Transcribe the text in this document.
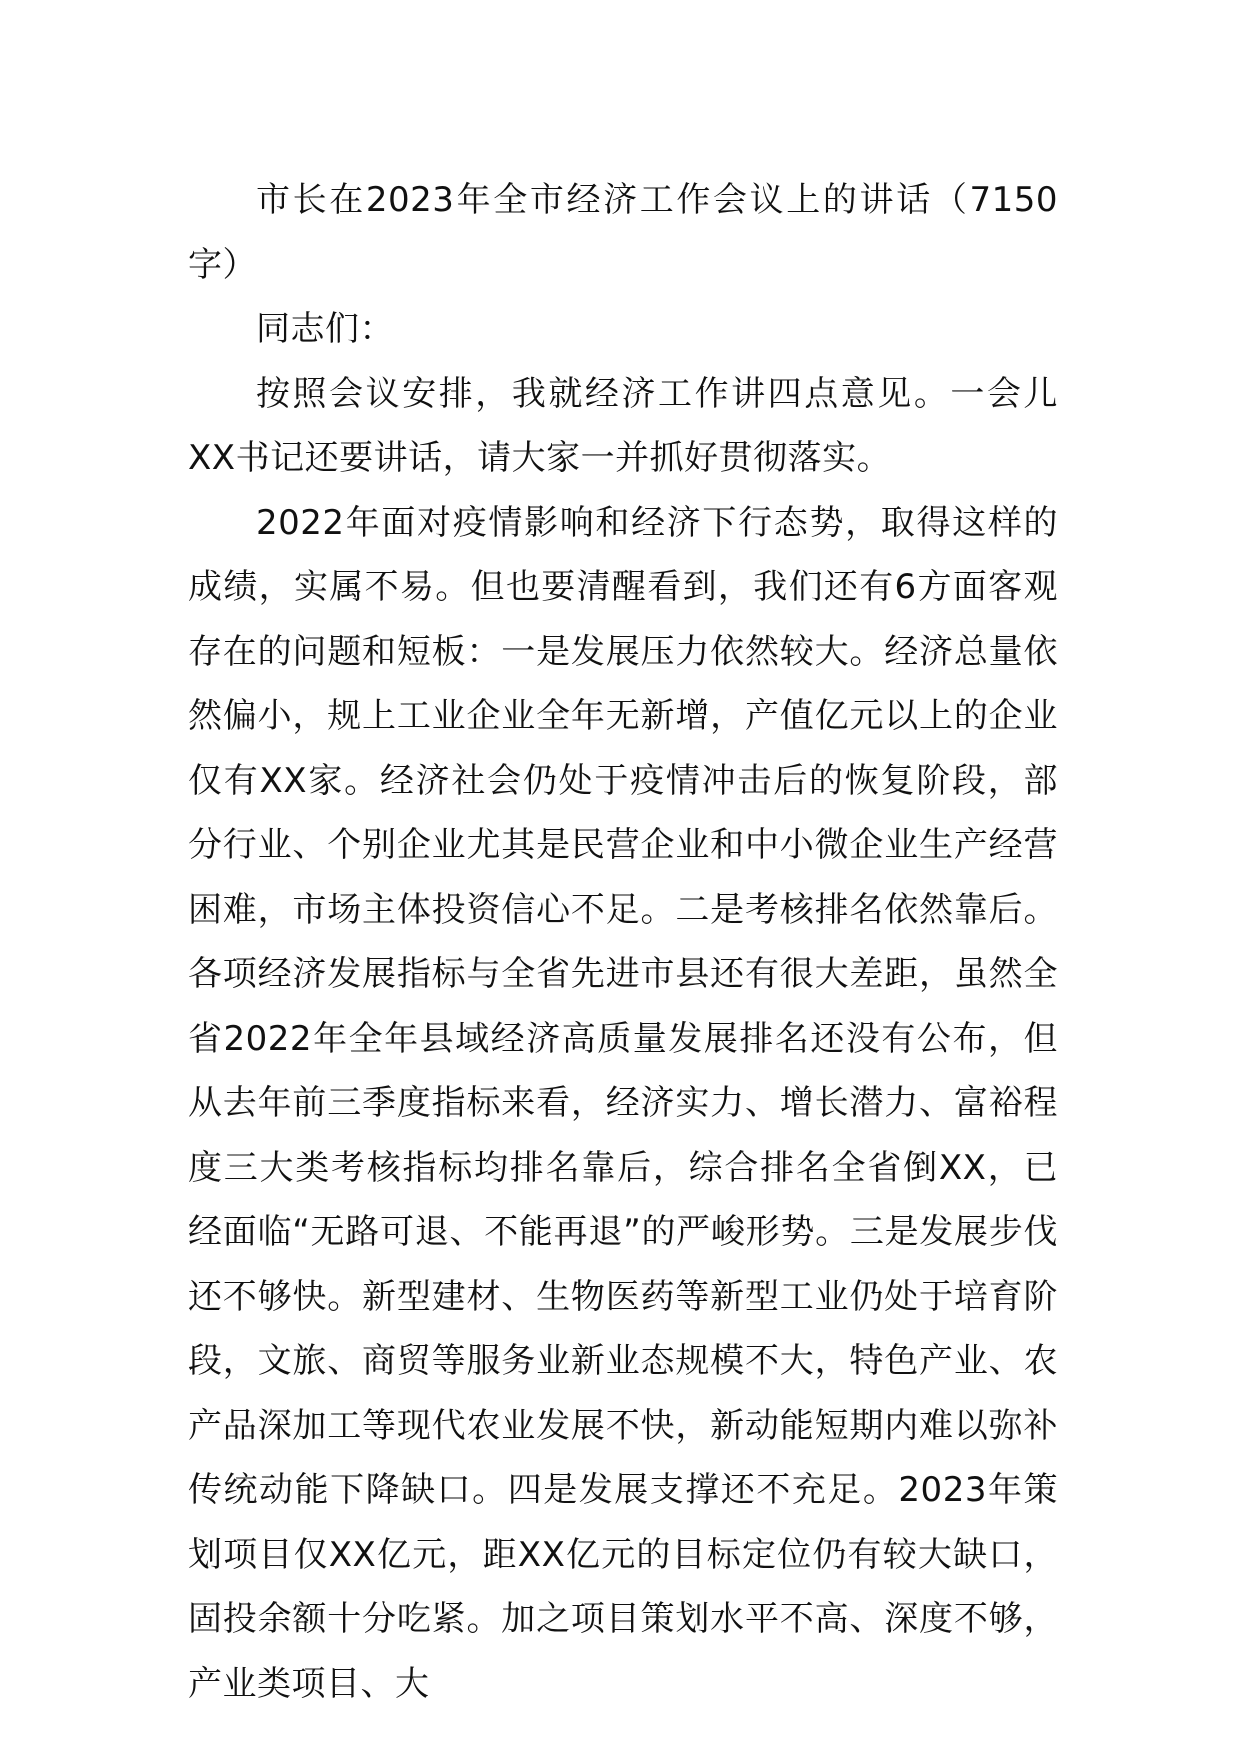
市长在2023年全市经济工作会议上的讲话（7150字）

同志们：

按照会议安排，我就经济工作讲四点意见。一会儿XX书记还要讲话，请大家一并抓好贯彻落实。

2022年面对疫情影响和经济下行态势，取得这样的成绩，实属不易。但也要清醒看到，我们还有6方面客观存在的问题和短板：一是发展压力依然较大。经济总量依然偏小，规上工业企业全年无新增，产值亿元以上的企业仅有XX家。经济社会仍处于疫情冲击后的恢复阶段，部分行业、个别企业尤其是民营企业和中小微企业生产经营困难，市场主体投资信心不足。二是考核排名依然靠后。各项经济发展指标与全省先进市县还有很大差距，虽然全省2022年全年县域经济高质量发展排名还没有公布，但从去年前三季度指标来看，经济实力、增长潜力、富裕程度三大类考核指标均排名靠后，综合排名全省倒XX，已经面临“无路可退、不能再退”的严峻形势。三是发展步伐还不够快。新型建材、生物医药等新型工业仍处于培育阶段，文旅、商贸等服务业新业态规模不大，特色产业、农产品深加工等现代农业发展不快，新动能短期内难以弥补传统动能下降缺口。四是发展支撑还不充足。2023年策划项目仅XX亿元，距XX亿元的目标定位仍有较大缺口，固投余额十分吃紧。加之项目策划水平不高、深度不够，产业类项目、大
